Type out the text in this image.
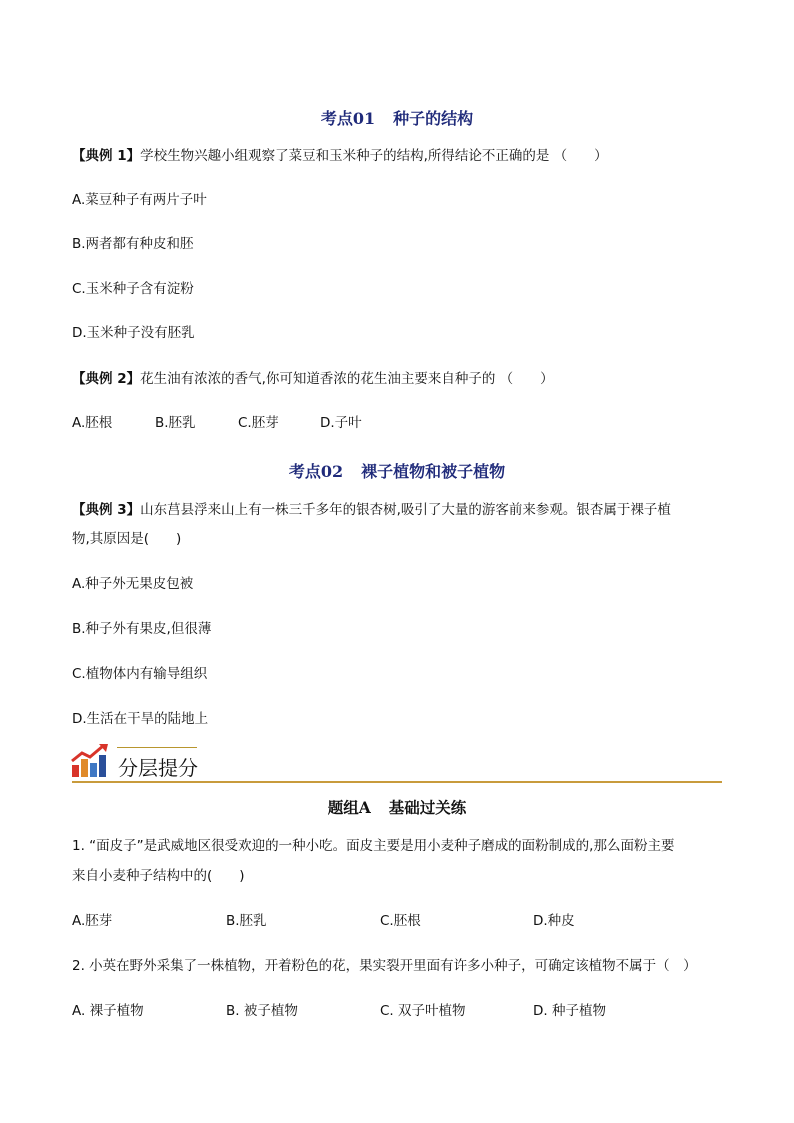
考点01 种子的结构
【典例 1】学校生物兴趣小组观察了菜豆和玉米种子的结构,所得结论不正确的是 （　　）
A.菜豆种子有两片子叶
B.两者都有种皮和胚
C.玉米种子含有淀粉
D.玉米种子没有胚乳
【典例 2】花生油有浓浓的香气,你可知道香浓的花生油主要来自种子的 （　　）
A.胚根	B.胚乳	C.胚芽	D.子叶
考点02 裸子植物和被子植物
【典例 3】山东莒县浮来山上有一株三千多年的银杏树,吸引了大量的游客前来参观。银杏属于裸子植
物,其原因是(　　)
A.种子外无果皮包被
B.种子外有果皮,但很薄
C.植物体内有输导组织
D.生活在干旱的陆地上
分层提分
题组A 基础过关练
1. “面皮子”是武威地区很受欢迎的一种小吃。面皮主要是用小麦种子磨成的面粉制成的,那么面粉主要
来自小麦种子结构中的(　　)
A.胚芽	B.胚乳	C.胚根	D.种皮
2. 小英在野外采集了一株植物，开着粉色的花，果实裂开里面有许多小种子，可确定该植物不属于（　）
A. 裸子植物	B. 被子植物	C. 双子叶植物	D. 种子植物
